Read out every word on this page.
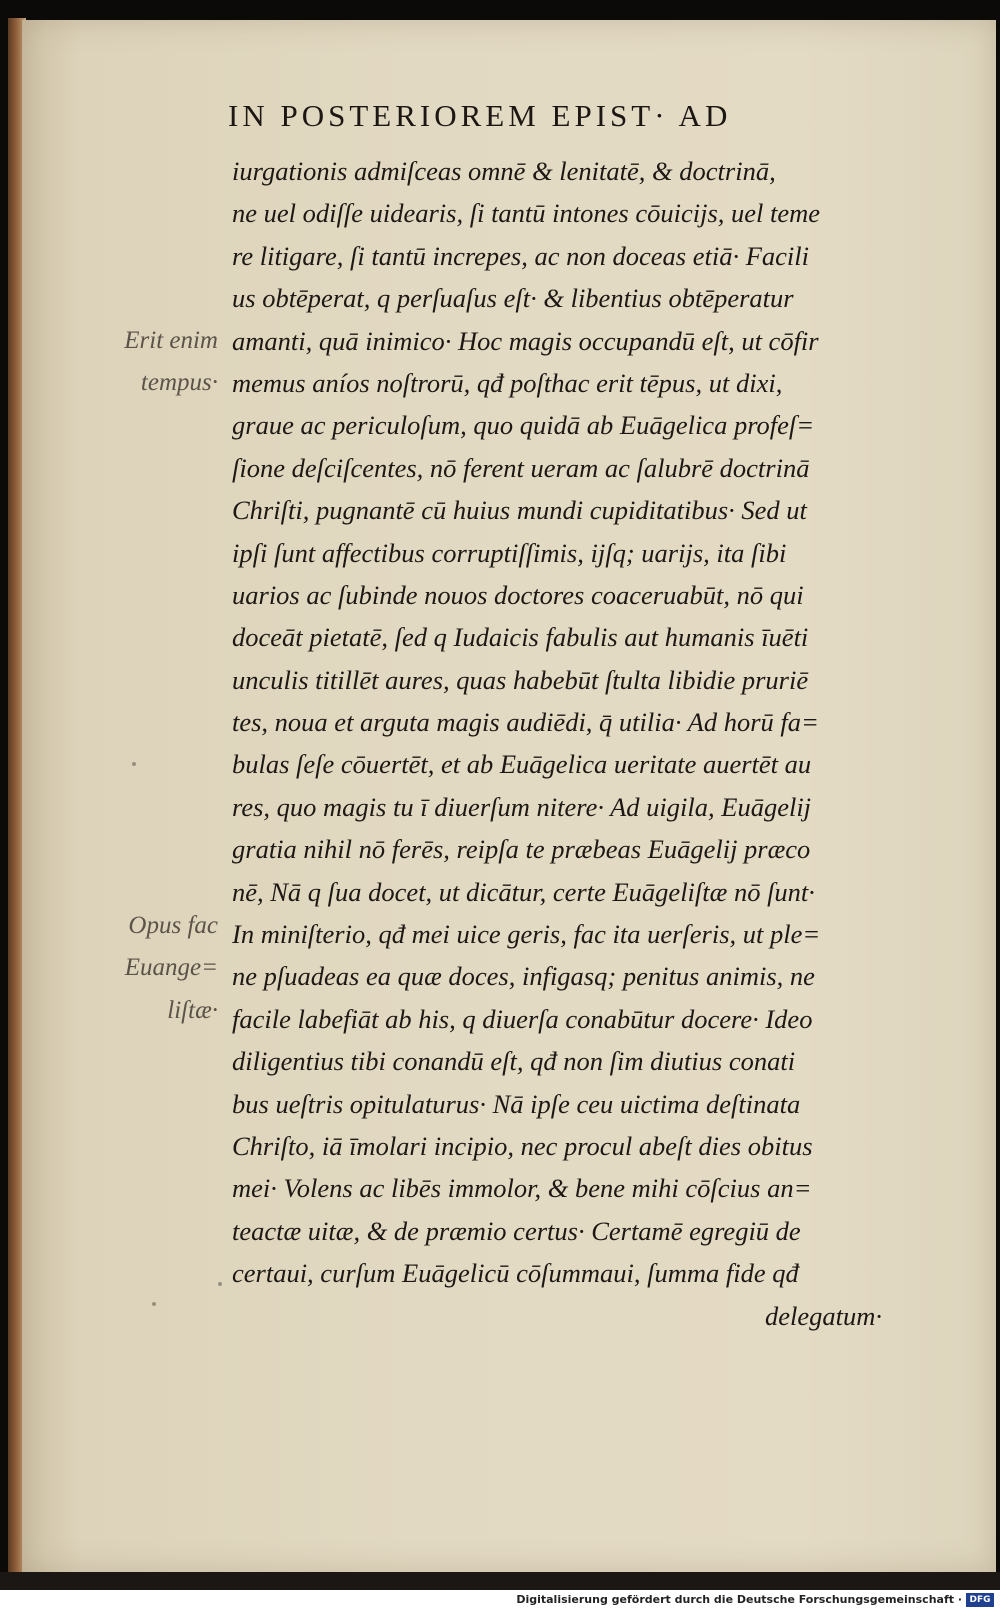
IN POSTERIOREM EPIST· AD
iurgationis admiſceas omnē & lenitatē, & doctrinā,
ne uel odiſſe uidearis, ſi tantū intones cōuicijs, uel teme
re litigare, ſi tantū increpes, ac non doceas etiā· Facili
us obtēperat, q perſuaſus eſt· & libentius obtēperatur
amanti, quā inimico· Hoc magis occupandū eſt, ut cōfir
memus aníos noſtrorū, qđ poſthac erit tēpus, ut dixi,
graue ac periculoſum, quo quidā ab Euāgelica profeſ=
ſione deſciſcentes, nō ferent ueram ac ſalubrē doctrinā
Chriſti, pugnantē cū huius mundi cupiditatibus· Sed ut
ipſi ſunt affectibus corruptiſſimis, ijſq; uarijs, ita ſibi
uarios ac ſubinde nouos doctores coaceruabūt, nō qui
doceāt pietatē, ſed q Iudaicis fabulis aut humanis īuēti
unculis titillēt aures, quas habebūt ſtulta libidie pruriē
tes, noua et arguta magis audiēdi, q̄ utilia· Ad horū fa=
bulas ſeſe cōuertēt, et ab Euāgelica ueritate auertēt au
res, quo magis tu ī diuerſum nitere· Ad uigila, Euāgelij
gratia nihil nō ferēs, reipſa te præbeas Euāgelij præco
nē, Nā q ſua docet, ut dicātur, certe Euāgeliſtæ nō ſunt·
In miniſterio, qđ mei uice geris, fac ita uerſeris, ut ple=
ne pſuadeas ea quæ doces, infigasq; penitus animis, ne
facile labefiāt ab his, q diuerſa conabūtur docere· Ideo
diligentius tibi conandū eſt, qđ non ſim diutius conati
bus ueſtris opitulaturus· Nā ipſe ceu uictima deſtinata
Chriſto, iā īmolari incipio, nec procul abeſt dies obitus
mei· Volens ac libēs immolor, & bene mihi cōſcius an=
teactæ uitæ, & de præmio certus· Certamē egregiū de
certaui, curſum Euāgelicū cōſummaui, ſumma fide qđ
delegatum·
Erit enim
tempus·
Opus fac
Euange=
liſtæ·
Digitalisierung gefördert durch die Deutsche Forschungsgemeinschaft · DFG
